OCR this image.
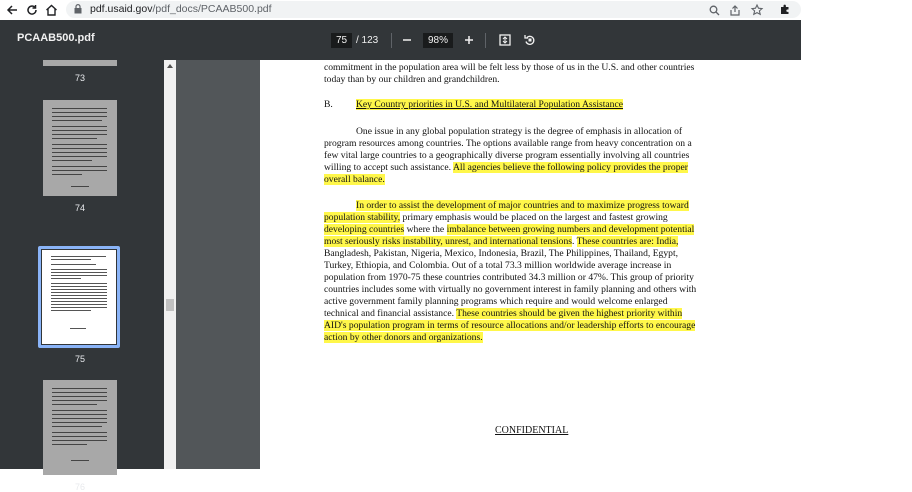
pdf.usaid.gov/pdf_docs/PCAAB500.pdf
PCAAB500.pdf	75 / 123	98%
73
74
75
76
commitment in the population area will be felt less by those of us in the U.S. and other countries
today than by our children and grandchildren.
B. Key Country priorities in U.S. and Multilateral Population Assistance
One issue in any global population strategy is the degree of emphasis in allocation of
program resources among countries. The options available range from heavy concentration on a
few vital large countries to a geographically diverse program essentially involving all countries
willing to accept such assistance. All agencies believe the following policy provides the proper
overall balance.
In order to assist the development of major countries and to maximize progress toward
population stability, primary emphasis would be placed on the largest and fastest growing
developing countries where the imbalance between growing numbers and development potential
most seriously risks instability, unrest, and international tensions. These countries are: India,
Bangladesh, Pakistan, Nigeria, Mexico, Indonesia, Brazil, The Philippines, Thailand, Egypt,
Turkey, Ethiopia, and Colombia. Out of a total 73.3 million worldwide average increase in
population from 1970-75 these countries contributed 34.3 million or 47%. This group of priority
countries includes some with virtually no government interest in family planning and others with
active government family planning programs which require and would welcome enlarged
technical and financial assistance. These countries should be given the highest priority within
AID's population program in terms of resource allocations and/or leadership efforts to encourage
action by other donors and organizations.
CONFIDENTIAL
